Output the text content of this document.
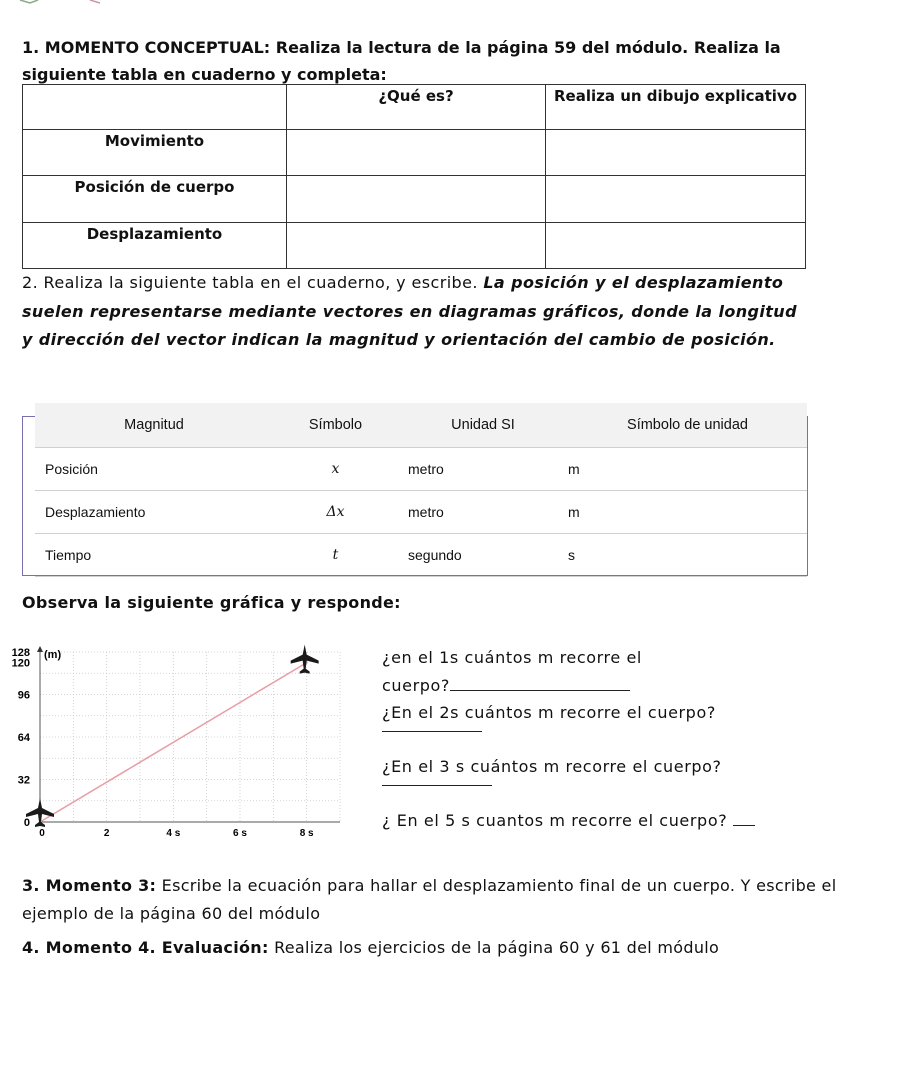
1. MOMENTO CONCEPTUAL: Realiza la lectura de la página 59 del módulo. Realiza la siguiente tabla en cuaderno y completa:
	¿Qué es?	Realiza un dibujo explicativo
Movimiento		
Posición de cuerpo		
Desplazamiento		
2. Realiza la siguiente tabla en el cuaderno, y escribe. La posición y el desplazamiento suelen representarse mediante vectores en diagramas gráficos, donde la longitud y dirección del vector indican la magnitud y orientación del cambio de posición.
Magnitud	Símbolo	Unidad SI	Símbolo de unidad
Posición	x	metro	m
Desplazamiento	Δx	metro	m
Tiempo	t	segundo	s
Observa la siguiente gráfica y responde:
128
120
96
64
32
0
0	2	4 s	6 s	8 s
(m)	¿en el 1s cuántos m recorre el
cuerpo?
¿En el 2s cuántos m recorre el cuerpo?
¿En el 3 s cuántos m recorre el cuerpo?
¿ En el 5 s cuantos m recorre el cuerpo?
3. Momento 3: Escribe la ecuación para hallar el desplazamiento final de un cuerpo. Y escribe el ejemplo de la página 60 del módulo
4. Momento 4. Evaluación: Realiza los ejercicios de la página 60 y 61 del módulo
